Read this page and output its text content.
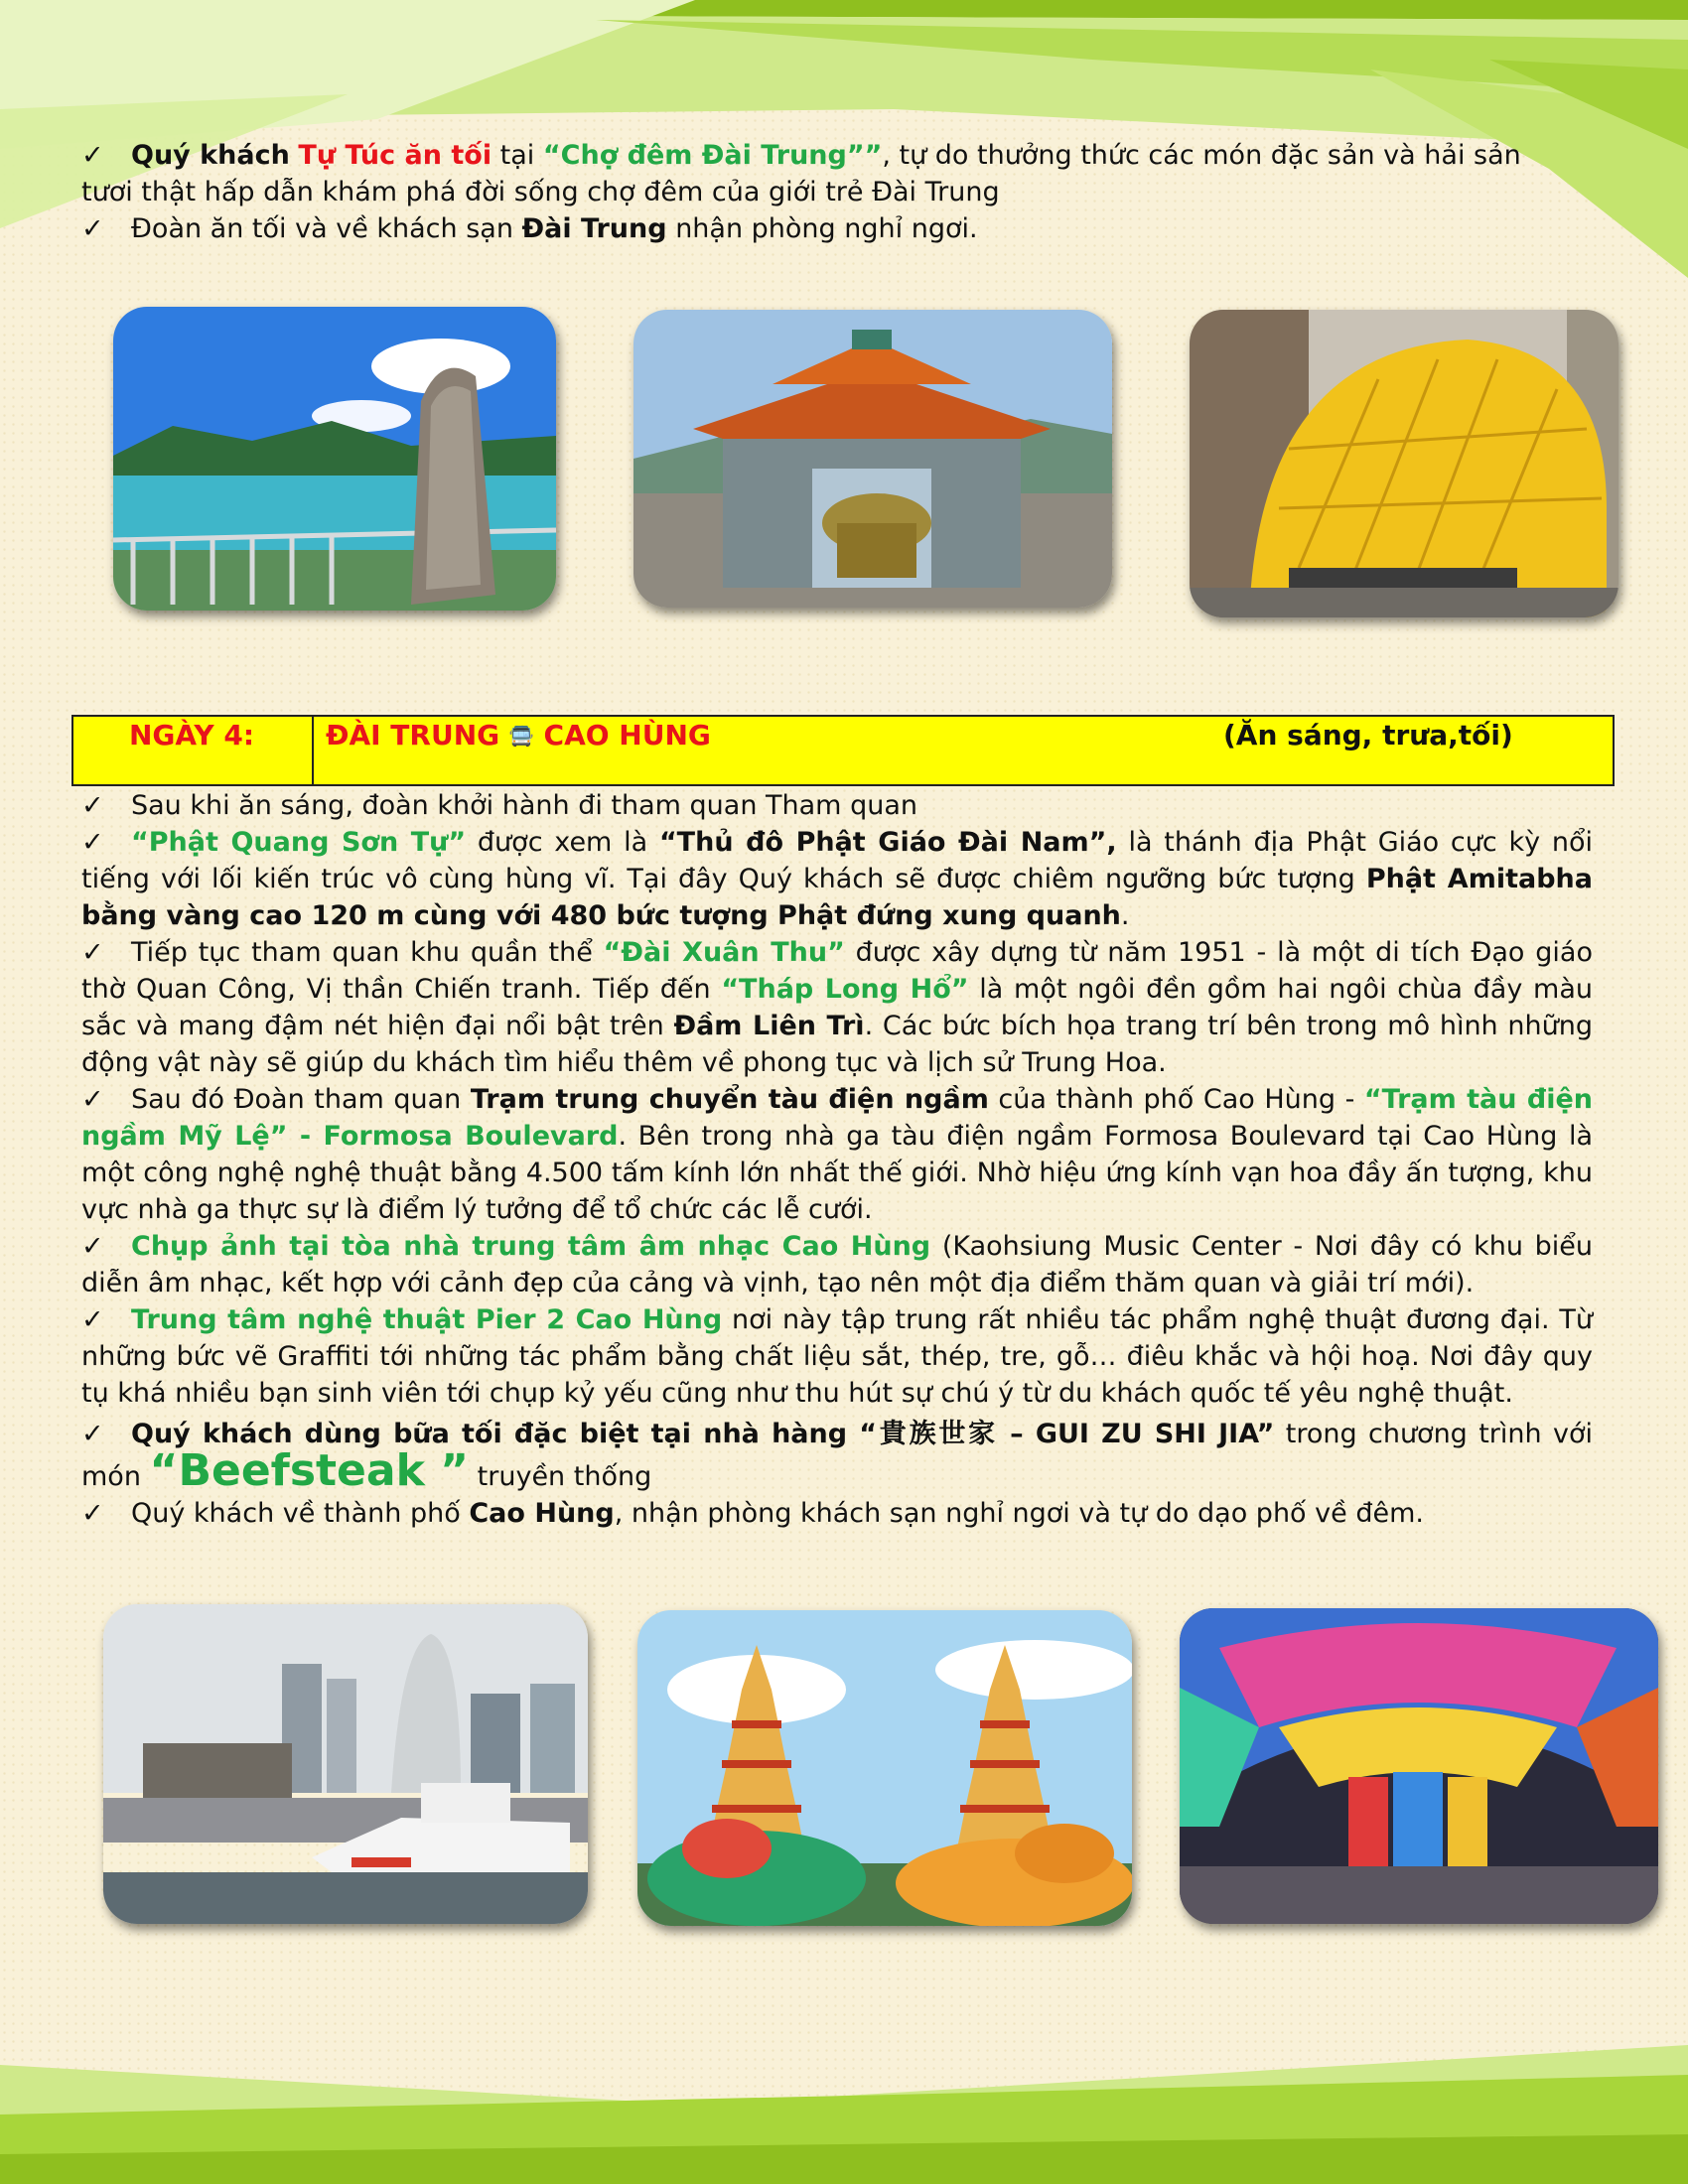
✓ Quý khách Tự Túc ăn tối tại “Chợ đêm Đài Trung””, tự do thưởng thức các món đặc sản và hải sản

tươi thật hấp dẫn khám phá đời sống chợ đêm của giới trẻ Đài Trung

✓ Đoàn ăn tối và về khách sạn Đài Trung nhận phòng nghỉ ngơi.

NGÀY 4:	ĐÀI TRUNG 🚍 CAO HÙNG	(Ăn sáng, trưa,tối)

✓ Sau khi ăn sáng, đoàn khởi hành đi tham quan Tham quan

✓ “Phật Quang Sơn Tự” được xem là “Thủ đô Phật Giáo Đài Nam”, là thánh địa Phật Giáo cực kỳ nổi tiếng với lối kiến trúc vô cùng hùng vĩ. Tại đây Quý khách sẽ được chiêm ngưỡng bức tượng Phật Amitabha bằng vàng cao 120 m cùng với 480 bức tượng Phật đứng xung quanh.

✓ Tiếp tục tham quan khu quần thể “Đài Xuân Thu” được xây dựng từ năm 1951 - là một di tích Đạo giáo thờ Quan Công, Vị thần Chiến tranh. Tiếp đến “Tháp Long Hổ” là một ngôi đền gồm hai ngôi chùa đầy màu sắc và mang đậm nét hiện đại nổi bật trên Đầm Liên Trì. Các bức bích họa trang trí bên trong mô hình những động vật này sẽ giúp du khách tìm hiểu thêm về phong tục và lịch sử Trung Hoa.

✓ Sau đó Đoàn tham quan Trạm trung chuyển tàu điện ngầm của thành phố Cao Hùng - “Trạm tàu điện ngầm Mỹ Lệ” - Formosa Boulevard. Bên trong nhà ga tàu điện ngầm Formosa Boulevard tại Cao Hùng là một công nghệ nghệ thuật bằng 4.500 tấm kính lớn nhất thế giới. Nhờ hiệu ứng kính vạn hoa đầy ấn tượng, khu vực nhà ga thực sự là điểm lý tưởng để tổ chức các lễ cưới.

✓ Chụp ảnh tại tòa nhà trung tâm âm nhạc Cao Hùng (Kaohsiung Music Center - Nơi đây có khu biểu diễn âm nhạc, kết hợp với cảnh đẹp của cảng và vịnh, tạo nên một địa điểm thăm quan và giải trí mới).

✓ Trung tâm nghệ thuật Pier 2 Cao Hùng nơi này tập trung rất nhiều tác phẩm nghệ thuật đương đại. Từ những bức vẽ Graffiti tới những tác phẩm bằng chất liệu sắt, thép, tre, gỗ… điêu khắc và hội hoạ. Nơi đây quy tụ khá nhiều bạn sinh viên tới chụp kỷ yếu cũng như thu hút sự chú ý từ du khách quốc tế yêu nghệ thuật.

✓ Quý khách dùng bữa tối đặc biệt tại nhà hàng “貴族世家 – GUI ZU SHI JIA” trong chương trình với món “Beefsteak ” truyền thống

✓ Quý khách về thành phố Cao Hùng, nhận phòng khách sạn nghỉ ngơi và tự do dạo phố về đêm.
